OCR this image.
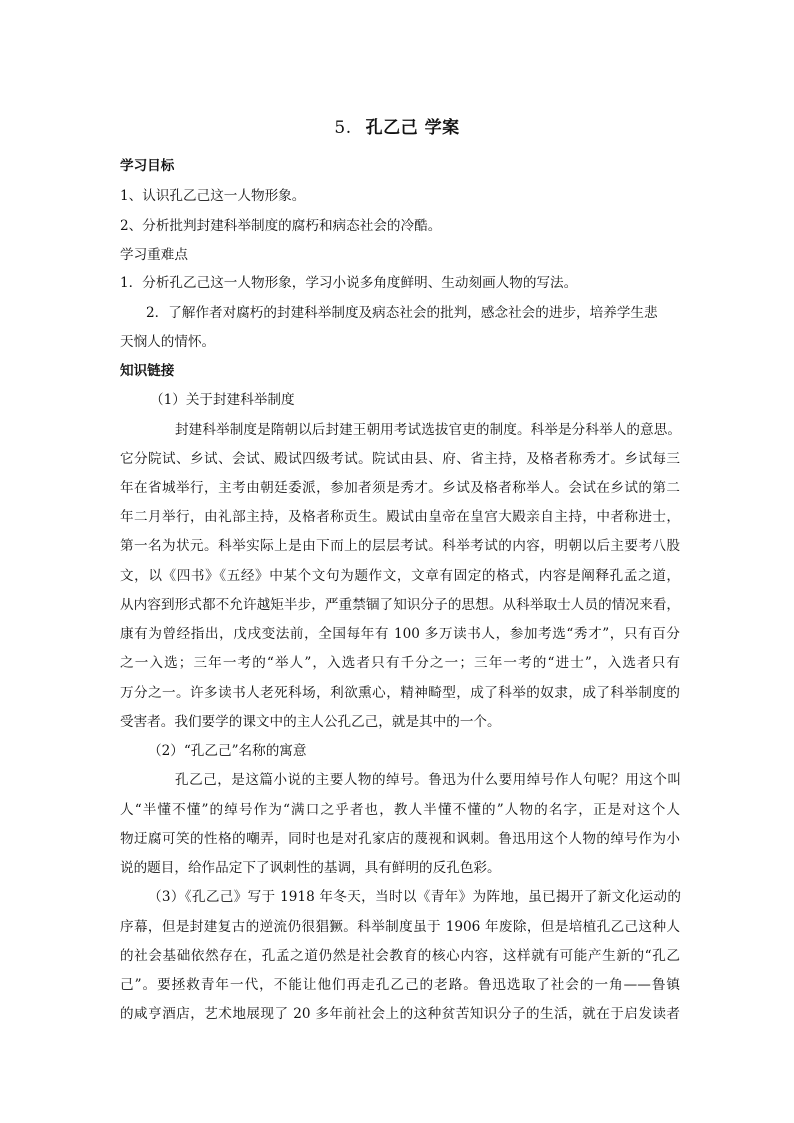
5. 孔乙己 学案
学习目标
1、认识孔乙己这一人物形象。
2、分析批判封建科举制度的腐朽和病态社会的冷酷。
学习重难点
1．分析孔乙己这一人物形象，学习小说多角度鲜明、生动刻画人物的写法。
2．了解作者对腐朽的封建科举制度及病态社会的批判，感念社会的进步，培养学生悲
天悯人的情怀。
知识链接
（1）关于封建科举制度
封建科举制度是隋朝以后封建王朝用考试选拔官吏的制度。科举是分科举人的意思。
它分院试、乡试、会试、殿试四级考试。院试由县、府、省主持，及格者称秀才。乡试每三
年在省城举行，主考由朝廷委派，参加者须是秀才。乡试及格者称举人。会试在乡试的第二
年二月举行，由礼部主持，及格者称贡生。殿试由皇帝在皇宫大殿亲自主持，中者称进士，
第一名为状元。科举实际上是由下而上的层层考试。科举考试的内容，明朝以后主要考八股
文，以《四书》《五经》中某个文句为题作文，文章有固定的格式，内容是阐释孔孟之道，
从内容到形式都不允许越矩半步，严重禁锢了知识分子的思想。从科举取士人员的情况来看，
康有为曾经指出，戊戌变法前，全国每年有 100 多万读书人，参加考选“秀才”，只有百分
之一入选；三年一考的“举人”，入选者只有千分之一；三年一考的“进士”，入选者只有
万分之一。许多读书人老死科场，利欲熏心，精神畸型，成了科举的奴隶，成了科举制度的
受害者。我们要学的课文中的主人公孔乙己，就是其中的一个。
（2）“孔乙己”名称的寓意
孔乙己，是这篇小说的主要人物的绰号。鲁迅为什么要用绰号作人句呢？用这个叫
人“半懂不懂”的绰号作为“满口之乎者也，教人半懂不懂的”人物的名字，正是对这个人
物迂腐可笑的性格的嘲弄，同时也是对孔家店的蔑视和讽刺。鲁迅用这个人物的绰号作为小
说的题目，给作品定下了讽刺性的基调，具有鲜明的反孔色彩。
（3）《孔乙己》写于 1918 年冬天，当时以《青年》为阵地，虽已揭开了新文化运动的
序幕，但是封建复古的逆流仍很猖獗。科举制度虽于 1906 年废除，但是培植孔乙己这种人
的社会基础依然存在，孔孟之道仍然是社会教育的核心内容，这样就有可能产生新的“孔乙
己”。要拯救青年一代，不能让他们再走孔乙己的老路。鲁迅选取了社会的一角——鲁镇
的咸亨酒店，艺术地展现了 20 多年前社会上的这种贫苦知识分子的生活，就在于启发读者
